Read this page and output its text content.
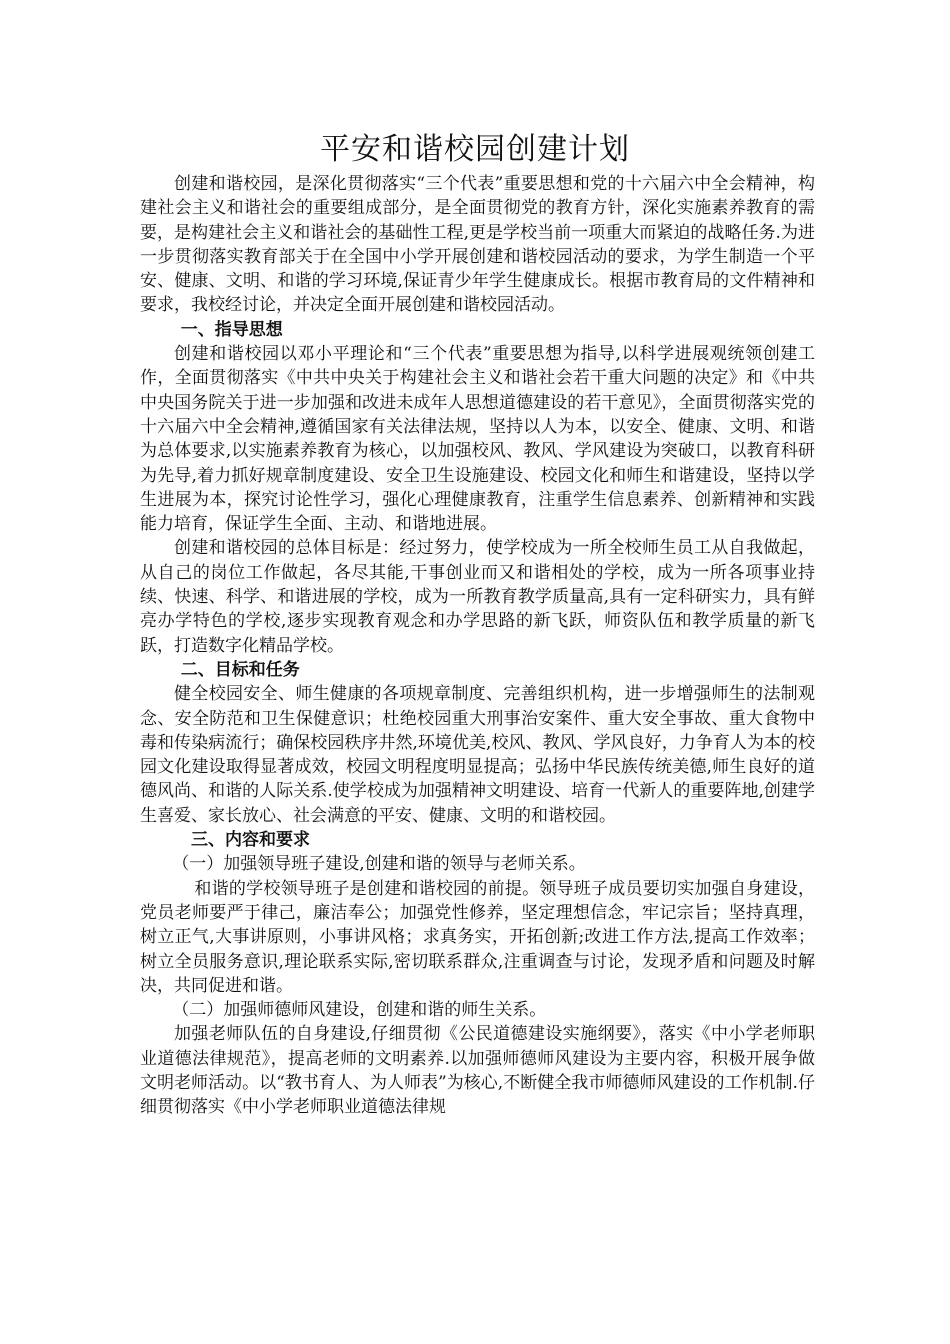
平安和谐校园创建计划

创建和谐校园，是深化贯彻落实“三个代表”重要思想和党的十六届六中全会精神，构建社会主义和谐社会的重要组成部分，是全面贯彻党的教育方针，深化实施素养教育的需要，是构建社会主义和谐社会的基础性工程,更是学校当前一项重大而紧迫的战略任务.为进一步贯彻落实教育部关于在全国中小学开展创建和谐校园活动的要求，为学生制造一个平安、健康、文明、和谐的学习环境,保证青少年学生健康成长。根据市教育局的文件精神和要求，我校经讨论，并决定全面开展创建和谐校园活动。

一、指导思想

创建和谐校园以邓小平理论和“三个代表”重要思想为指导,以科学进展观统领创建工作，全面贯彻落实《中共中央关于构建社会主义和谐社会若干重大问题的决定》和《中共中央国务院关于进一步加强和改进未成年人思想道德建设的若干意见》，全面贯彻落实党的十六届六中全会精神,遵循国家有关法律法规，坚持以人为本，以安全、健康、文明、和谐为总体要求,以实施素养教育为核心，以加强校风、教风、学风建设为突破口，以教育科研为先导,着力抓好规章制度建设、安全卫生设施建设、校园文化和师生和谐建设，坚持以学生进展为本，探究讨论性学习，强化心理健康教育，注重学生信息素养、创新精神和实践能力培育，保证学生全面、主动、和谐地进展。

创建和谐校园的总体目标是：经过努力，使学校成为一所全校师生员工从自我做起，从自己的岗位工作做起，各尽其能,干事创业而又和谐相处的学校，成为一所各项事业持续、快速、科学、和谐进展的学校，成为一所教育教学质量高,具有一定科研实力，具有鲜亮办学特色的学校,逐步实现教育观念和办学思路的新飞跃，师资队伍和教学质量的新飞跃，打造数字化精品学校。

二、目标和任务

健全校园安全、师生健康的各项规章制度、完善组织机构，进一步增强师生的法制观念、安全防范和卫生保健意识；杜绝校园重大刑事治安案件、重大安全事故、重大食物中毒和传染病流行；确保校园秩序井然,环境优美,校风、教风、学风良好，力争育人为本的校园文化建设取得显著成效，校园文明程度明显提高；弘扬中华民族传统美德,师生良好的道德风尚、和谐的人际关系.使学校成为加强精神文明建设、培育一代新人的重要阵地,创建学生喜爱、家长放心、社会满意的平安、健康、文明的和谐校园。

三、内容和要求

（一）加强领导班子建设,创建和谐的领导与老师关系。

和谐的学校领导班子是创建和谐校园的前提。领导班子成员要切实加强自身建设，党员老师要严于律己，廉洁奉公；加强党性修养，坚定理想信念，牢记宗旨；坚持真理，树立正气,大事讲原则，小事讲风格；求真务实，开拓创新;改进工作方法,提高工作效率；树立全员服务意识,理论联系实际,密切联系群众,注重调查与讨论，发现矛盾和问题及时解决，共同促进和谐。

（二）加强师德师风建设，创建和谐的师生关系。

加强老师队伍的自身建设,仔细贯彻《公民道德建设实施纲要》，落实《中小学老师职业道德法律规范》，提高老师的文明素养.以加强师德师风建设为主要内容，积极开展争做文明老师活动。以“教书育人、为人师表”为核心,不断健全我市师德师风建设的工作机制.仔细贯彻落实《中小学老师职业道德法律规
